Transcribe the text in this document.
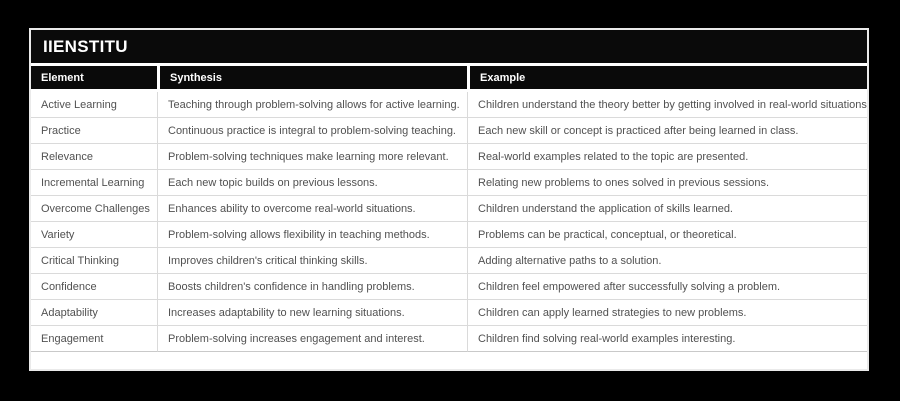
IIENSTITU
Element	Synthesis	Example
Active Learning	Teaching through problem-solving allows for active learning.	Children understand the theory better by getting involved in real-world situations
Practice	Continuous practice is integral to problem-solving teaching.	Each new skill or concept is practiced after being learned in class.
Relevance	Problem-solving techniques make learning more relevant.	Real-world examples related to the topic are presented.
Incremental Learning	Each new topic builds on previous lessons.	Relating new problems to ones solved in previous sessions.
Overcome Challenges	Enhances ability to overcome real-world situations.	Children understand the application of skills learned.
Variety	Problem-solving allows flexibility in teaching methods.	Problems can be practical, conceptual, or theoretical.
Critical Thinking	Improves children's critical thinking skills.	Adding alternative paths to a solution.
Confidence	Boosts children's confidence in handling problems.	Children feel empowered after successfully solving a problem.
Adaptability	Increases adaptability to new learning situations.	Children can apply learned strategies to new problems.
Engagement	Problem-solving increases engagement and interest.	Children find solving real-world examples interesting.
